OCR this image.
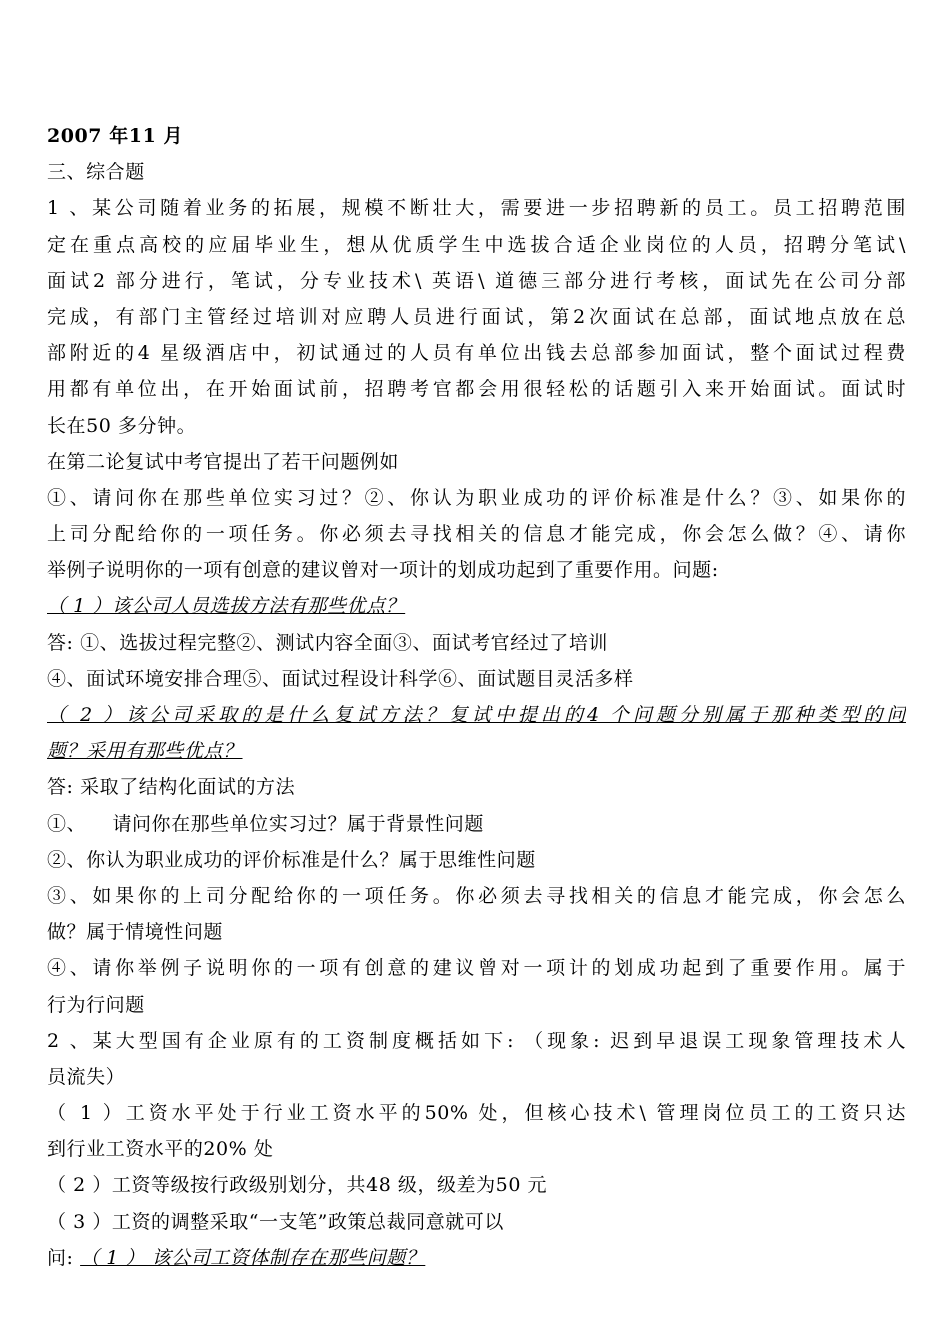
2007 年11 月
三、综合题
1 、某公司随着业务的拓展，规模不断壮大，需要进一步招聘新的员工。员工招聘范围
定在重点高校的应届毕业生，想从优质学生中选拔合适企业岗位的人员，招聘分笔试\
面试2 部分进行，笔试，分专业技术\ 英语\ 道德三部分进行考核，面试先在公司分部
完成，有部门主管经过培训对应聘人员进行面试，第2次面试在总部，面试地点放在总
部附近的4 星级酒店中，初试通过的人员有单位出钱去总部参加面试，整个面试过程费
用都有单位出，在开始面试前，招聘考官都会用很轻松的话题引入来开始面试。面试时
长在50 多分钟。
在第二论复试中考官提出了若干问题例如
①、请问你在那些单位实习过？②、你认为职业成功的评价标准是什么？③、如果你的
上司分配给你的一项任务。你必须去寻找相关的信息才能完成，你会怎么做？④、请你
举例子说明你的一项有创意的建议曾对一项计的划成功起到了重要作用。问题:
（ 1 ）该公司人员选拔方法有那些优点？
答: ①、选拔过程完整②、测试内容全面③、面试考官经过了培训
④、面试环境安排合理⑤、面试过程设计科学⑥、面试题目灵活多样
（ 2 ）该公司采取的是什么复试方法？复试中提出的4 个问题分别属于那种类型的问
题？采用有那些优点？
答: 采取了结构化面试的方法
①、    请问你在那些单位实习过？属于背景性问题
②、你认为职业成功的评价标准是什么？属于思维性问题
③、如果你的上司分配给你的一项任务。你必须去寻找相关的信息才能完成，你会怎么
做？属于情境性问题
④、请你举例子说明你的一项有创意的建议曾对一项计的划成功起到了重要作用。属于
行为行问题
2 、某大型国有企业原有的工资制度概括如下: （现象: 迟到早退误工现象管理技术人
员流失）
（ 1 ）工资水平处于行业工资水平的50% 处，但核心技术\ 管理岗位员工的工资只达
到行业工资水平的20% 处
（ 2 ）工资等级按行政级别划分，共48 级，级差为50 元
（ 3 ）工资的调整采取“一支笔”政策总裁同意就可以
问: （ 1 ） 该公司工资体制存在那些问题？
